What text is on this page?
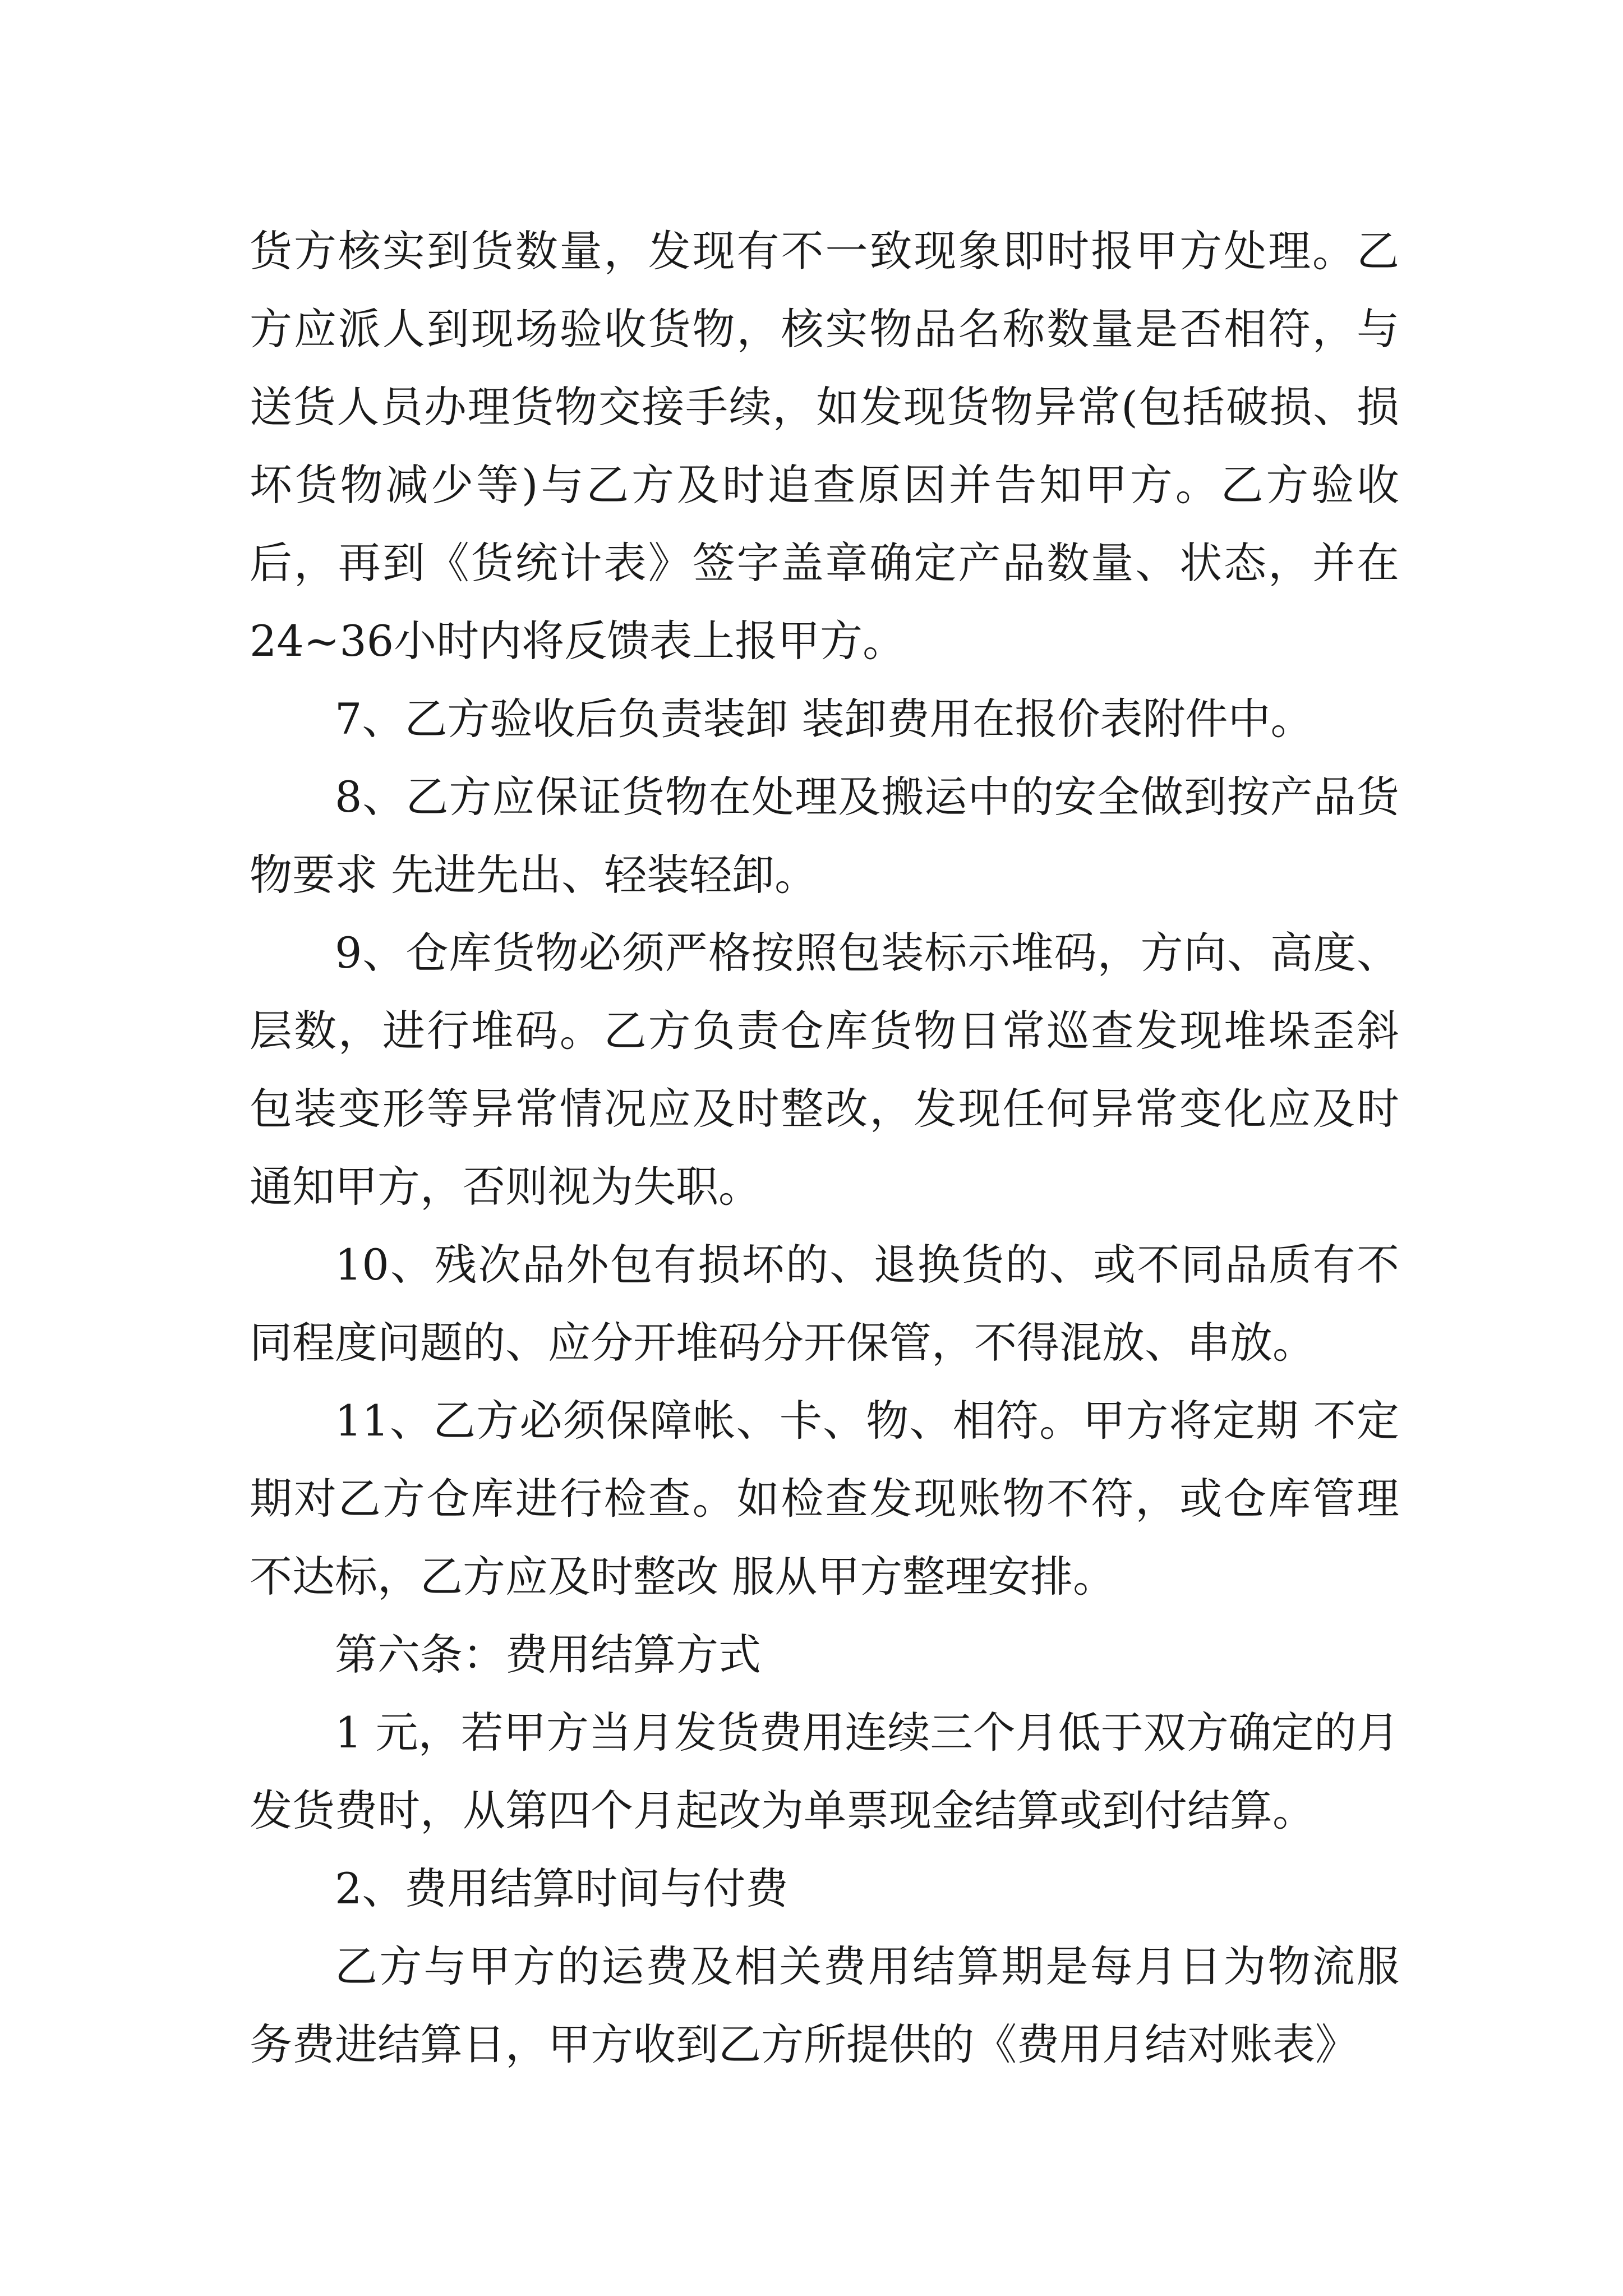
货方核实到货数量，发现有不一致现象即时报甲方处理。乙方应派人到现场验收货物，核实物品名称数量是否相符，与送货人员办理货物交接手续，如发现货物异常(包括破损、损坏货物减少等)与乙方及时追查原因并告知甲方。乙方验收后，再到《货统计表》签字盖章确定产品数量、状态，并在24~36小时内将反馈表上报甲方。

7、乙方验收后负责装卸 装卸费用在报价表附件中。

8、乙方应保证货物在处理及搬运中的安全做到按产品货物要求 先进先出、轻装轻卸。

9、仓库货物必须严格按照包装标示堆码，方向、高度、层数，进行堆码。乙方负责仓库货物日常巡查发现堆垛歪斜包装变形等异常情况应及时整改，发现任何异常变化应及时通知甲方，否则视为失职。

10、残次品外包有损坏的、退换货的、或不同品质有不同程度问题的、应分开堆码分开保管，不得混放、串放。

11、乙方必须保障帐、卡、物、相符。甲方将定期 不定期对乙方仓库进行检查。如检查发现账物不符，或仓库管理不达标，乙方应及时整改 服从甲方整理安排。

第六条：费用结算方式

1 元，若甲方当月发货费用连续三个月低于双方确定的月发货费时，从第四个月起改为单票现金结算或到付结算。

2、费用结算时间与付费

乙方与甲方的运费及相关费用结算期是每月日为物流服务费进结算日，甲方收到乙方所提供的《费用月结对账表》
